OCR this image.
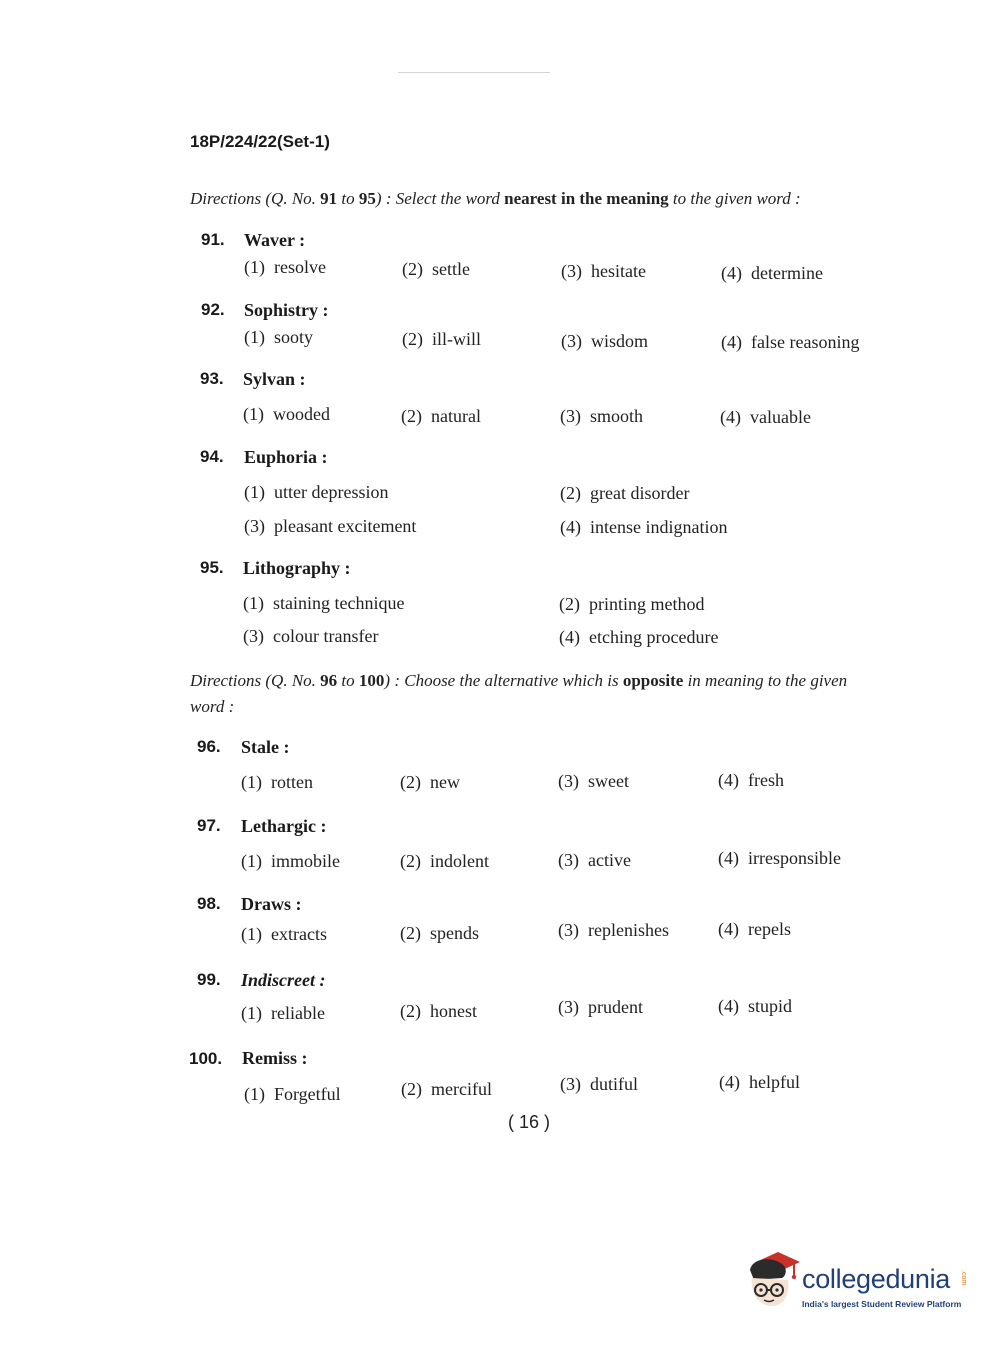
18P/224/22(Set-1)
Directions (Q. No. 91 to 95) : Select the word nearest in the meaning to the given word :
91. Waver :
(1) resolve	(2) settle	(3) hesitate	(4) determine
92. Sophistry :
(1) sooty	(2) ill-will	(3) wisdom	(4) false reasoning
93. Sylvan :
(1) wooded	(2) natural	(3) smooth	(4) valuable
94. Euphoria :
(1) utter depression	(2) great disorder
(3) pleasant excitement	(4) intense indignation
95. Lithography :
(1) staining technique	(2) printing method
(3) colour transfer	(4) etching procedure
Directions (Q. No. 96 to 100) : Choose the alternative which is opposite in meaning to the given word :
96. Stale :
(1) rotten	(2) new	(3) sweet	(4) fresh
97. Lethargic :
(1) immobile	(2) indolent	(3) active	(4) irresponsible
98. Draws :
(1) extracts	(2) spends	(3) replenishes	(4) repels
99. Indiscreet :
(1) reliable	(2) honest	(3) prudent	(4) stupid
100. Remiss :
(1) Forgetful	(2) merciful	(3) dutiful	(4) helpful
( 16 )
collegedunia .com
India's largest Student Review Platform
